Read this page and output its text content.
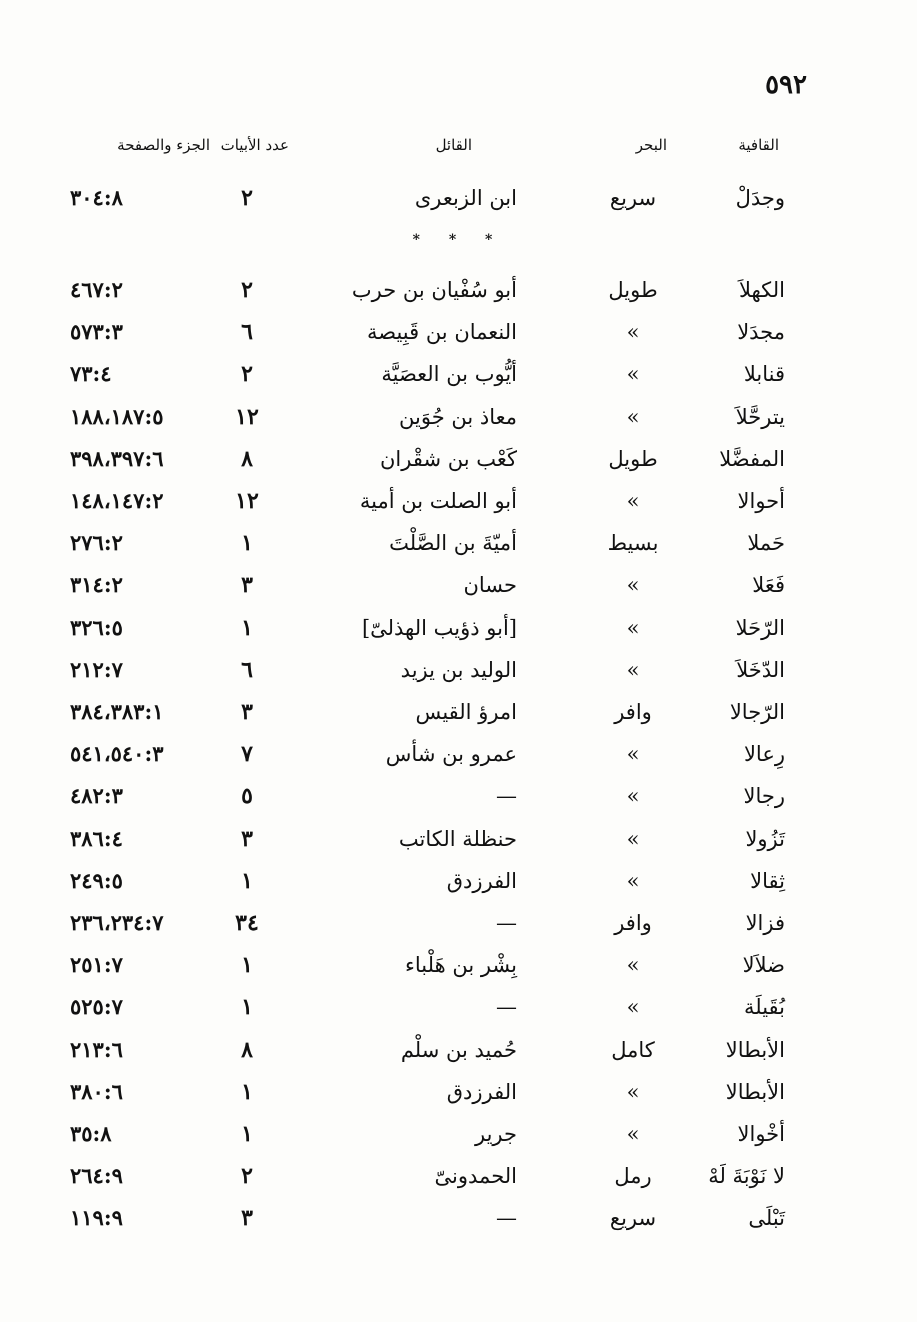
٥٩٢
القافية
البحر
القائل
عدد الأبيات
الجزء والصفحة
وجدَلْ
سريع
ابن الزبعرى
٢
٣٠٤:٨
* * *
الكهلاَ
طويل
أبو سُفْيان بن حرب
٢
٤٦٧:٢
مجدَلا
»
النعمان بن قَبِيصة
٦
٥٧٣:٣
قنابلا
»
أيُّوب بن العصَيَّة
٢
٧٣:٤
يترحَّلاَ
»
معاذ بن جُوَين
١٢
١٨٨،١٨٧:٥
المفضَّلا
طويل
كَعْب بن شقْران
٨
٣٩٨،٣٩٧:٦
أحوالا
»
أبو الصلت بن أمية
١٢
١٤٨،١٤٧:٢
حَملا
بسيط
أميّةَ بن الصَّلْتَ
١
٢٧٦:٢
فَعَلا
»
حسان
٣
٣١٤:٢
الرّحَلا
»
[أبو ذؤيب الهذلىّ]
١
٣٢٦:٥
الدّخَلاَ
»
الوليد بن يزيد
٦
٢١٢:٧
الرّجالا
وافر
امرؤ القيس
٣
٣٨٤،٣٨٣:١
رِعالا
»
عمرو بن شأس
٧
٥٤١،٥٤٠:٣
رجالا
»
—
٥
٤٨٢:٣
تَزُولا
»
حنظلة الكاتب
٣
٣٨٦:٤
ثِقالا
»
الفرزدق
١
٢٤٩:٥
فزالا
وافر
—
٣٤
٢٣٦،٢٣٤:٧
ضلاَلا
»
بِشْر بن هَلْباء
١
٢٥١:٧
بُقَيلَة
»
—
١
٥٢٥:٧
الأبطالا
كامل
حُميد بن سلْم
٨
٢١٣:٦
الأبطالا
»
الفرزدق
١
٣٨٠:٦
أخْوالا
»
جرير
١
٣٥:٨
لا نَوْبَةَ لَهْ
رمل
الحمدونىّ
٢
٢٦٤:٩
تَبْلَى
سريع
—
٣
١١٩:٩
